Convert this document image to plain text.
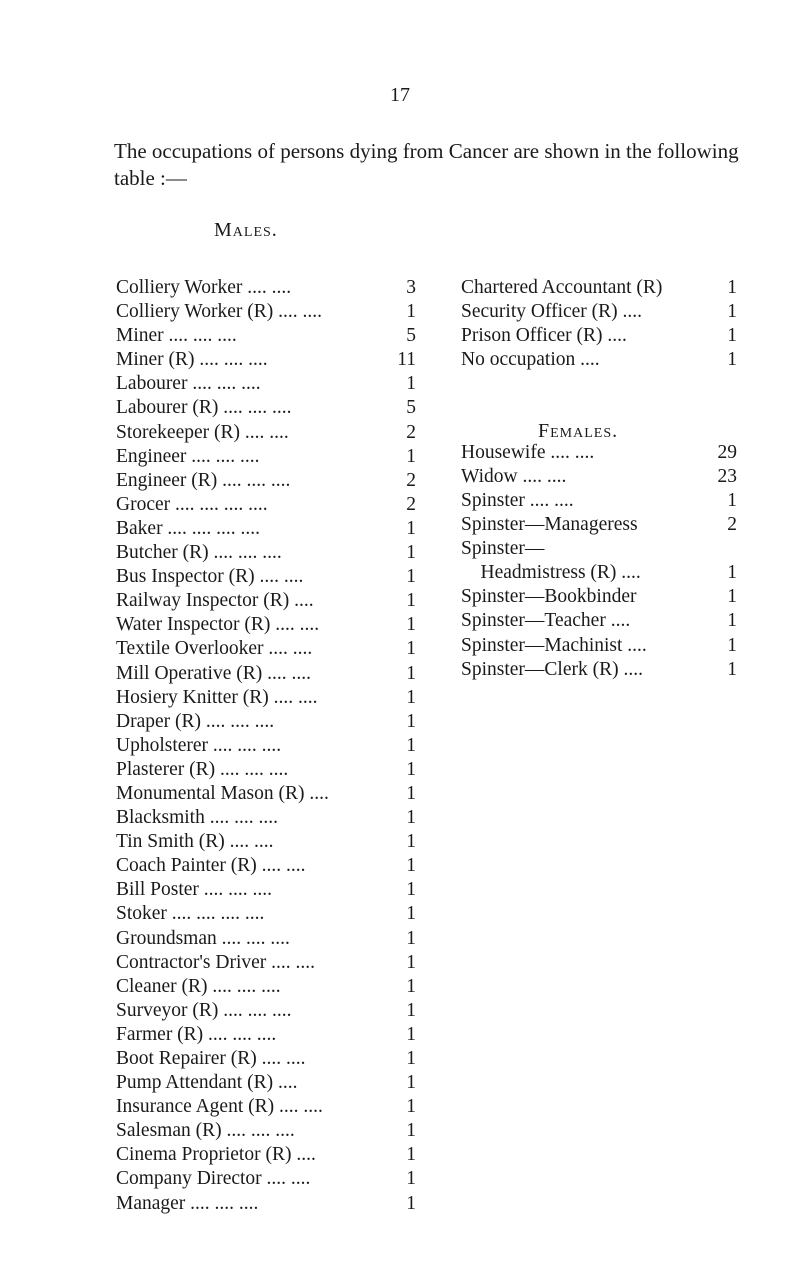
17
The occupations of persons dying from Cancer are shown in the following table :—
Males.
Colliery Worker .... ....	3
Colliery Worker (R) .... ....	1
Miner .... .... ....	5
Miner (R) .... .... ....	11
Labourer .... .... ....	1
Labourer (R) .... .... ....	5
Storekeeper (R) .... ....	2
Engineer .... .... ....	1
Engineer (R) .... .... ....	2
Grocer .... .... .... ....	2
Baker .... .... .... ....	1
Butcher (R) .... .... ....	1
Bus Inspector (R) .... ....	1
Railway Inspector (R) ....	1
Water Inspector (R) .... ....	1
Textile Overlooker .... ....	1
Mill Operative (R) .... ....	1
Hosiery Knitter (R) .... ....	1
Draper (R) .... .... ....	1
Upholsterer .... .... ....	1
Plasterer (R) .... .... ....	1
Monumental Mason (R) ....	1
Blacksmith .... .... ....	1
Tin Smith (R) .... ....	1
Coach Painter (R) .... ....	1
Bill Poster .... .... ....	1
Stoker .... .... .... ....	1
Groundsman .... .... ....	1
Contractor's Driver .... ....	1
Cleaner (R) .... .... ....	1
Surveyor (R) .... .... ....	1
Farmer (R) .... .... ....	1
Boot Repairer (R) .... ....	1
Pump Attendant (R) ....	1
Insurance Agent (R) .... ....	1
Salesman (R) .... .... ....	1
Cinema Proprietor (R) ....	1
Company Director .... ....	1
Manager .... .... ....	1
Chartered Accountant (R)	1
Security Officer (R) ....	1
Prison Officer (R) ....	1
No occupation ....	1
Females.
Housewife .... ....	29
Widow .... ....	23
Spinster .... ....	1
Spinster—Manageress	2
Spinster—
Headmistress (R) ....	1
Spinster—Bookbinder	1
Spinster—Teacher ....	1
Spinster—Machinist ....	1
Spinster—Clerk (R) ....	1
